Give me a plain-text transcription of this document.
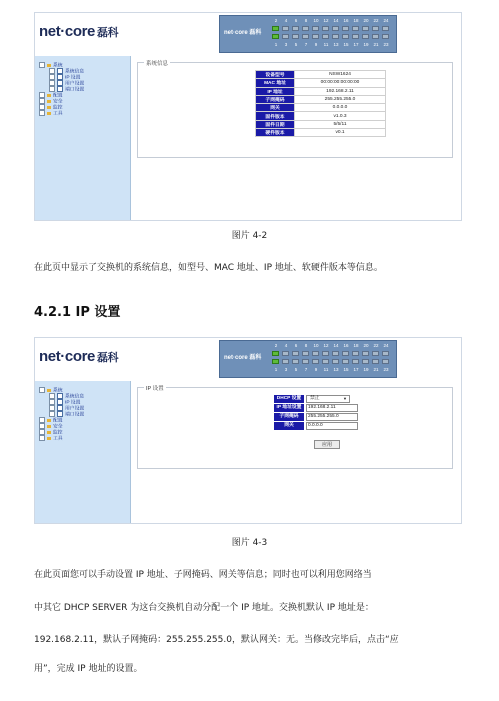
net·core 磊科	net·core 磊科
2
1
4
3
6
5
8
7
10
9
12
11
14
13
16
15
18
17
20
19
22
21
24
23
系统
系统信息
IP 设置
用户设置
端口设置
配置
安全
监控
工具
系统信息
设备型号	NSW1624
MAC 地址	00:00:00:00:00:00
IP 地址	192.168.2.11
子网掩码	255.255.255.0
网关	0.0.0.0
固件版本	v1.0.3
固件日期	5/5/11
硬件版本	v0.1
图片 4-2
在此页中显示了交换机的系统信息，如型号、MAC 地址、IP 地址、软硬件版本等信息。
4.2.1 IP 设置
net·core 磊科	net·core 磊科
2
1
4
3
6
5
8
7
10
9
12
11
14
13
16
15
18
17
20
19
22
21
24
23
系统
系统信息
IP 设置
用户设置
端口设置
配置
安全
监控
工具
IP 设置
DHCP 设置	禁止	▼
IP 地址设置	192.168.2.11
子网掩码	255.255.255.0
网关	0.0.0.0
应用
图片 4-3
在此页面您可以手动设置 IP 地址、子网掩码、网关等信息；同时也可以利用您网络当
中其它 DHCP SERVER 为这台交换机自动分配一个 IP 地址。交换机默认 IP 地址是：
192.168.2.11，默认子网掩码：255.255.255.0，默认网关：无。当修改完毕后，点击“应
用”，完成 IP 地址的设置。
